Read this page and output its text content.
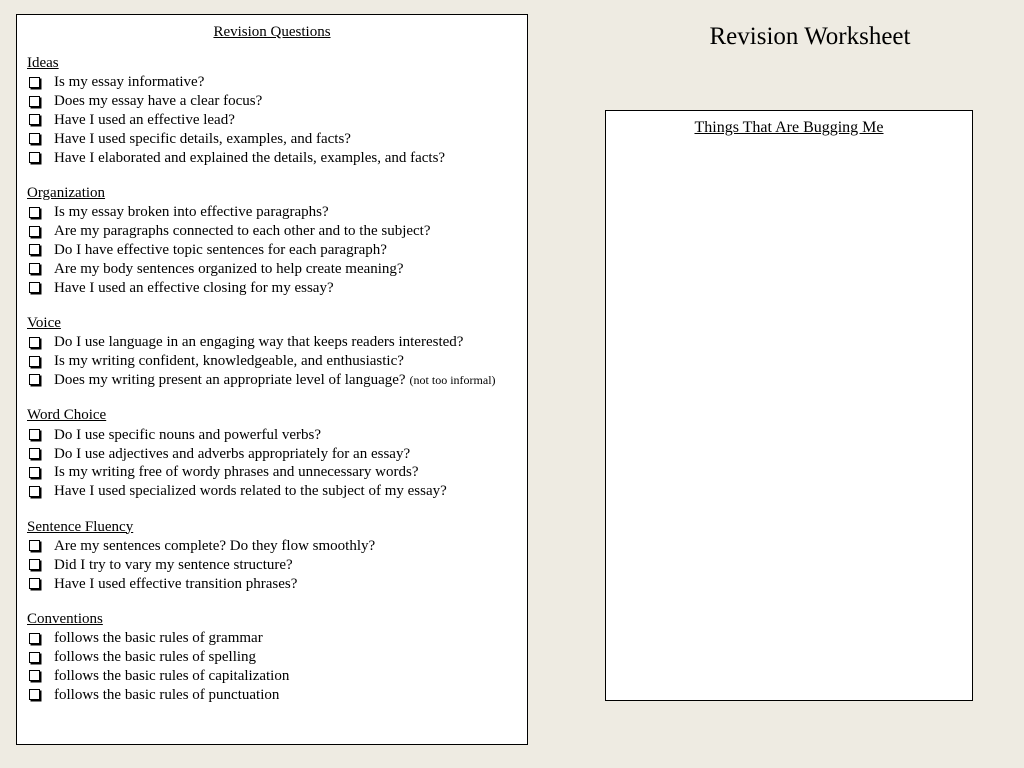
Revision Questions
Ideas
Is my essay informative?
Does my essay have a clear focus?
Have I used an effective lead?
Have I used specific details, examples, and facts?
Have I elaborated and explained the details, examples, and facts?
Organization
Is my essay broken into effective paragraphs?
Are my paragraphs connected to each other and to the subject?
Do I have effective topic sentences for each paragraph?
Are my body sentences organized to help create meaning?
Have I used an effective closing for my essay?
Voice
Do I use language in an engaging way that keeps readers interested?
Is my writing confident, knowledgeable, and enthusiastic?
Does my writing present an appropriate level of language? (not too informal)
Word Choice
Do I use specific nouns and powerful verbs?
Do I use adjectives and adverbs appropriately for an essay?
Is my writing free of wordy phrases and unnecessary words?
Have I used specialized words related to the subject of my essay?
Sentence Fluency
Are my sentences complete? Do they flow smoothly?
Did I try to vary my sentence structure?
Have I used effective transition phrases?
Conventions
follows the basic rules of grammar
follows the basic rules of spelling
follows the basic rules of capitalization
follows the basic rules of punctuation
Revision Worksheet
Things That Are Bugging Me
